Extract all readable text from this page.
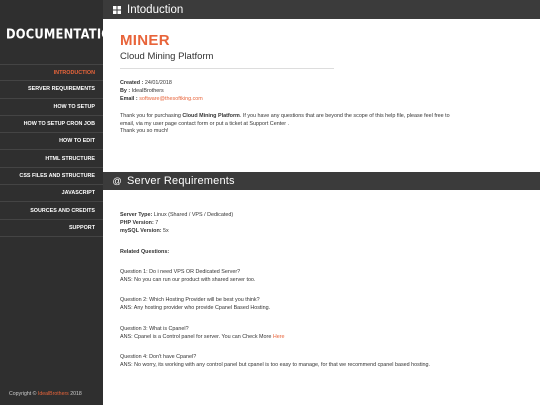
DOCUMENTATION
INTRODUCTION
SERVER REQUIREMENTS
HOW TO SETUP
HOW TO SETUP CRON JOB
HOW TO EDIT
HTML STRUCTURE
CSS FILES AND STRUCTURE
JAVASCRIPT
SOURCES AND CREDITS
SUPPORT
Copyright © IdealBrothers 2018
Intoduction
MINER
Cloud Mining Platform
Created : 24/01/2018
By : IdealBrothers
Email : software@thesoftking.com
Thank you for purchasing Cloud Mining Platform. If you have any questions that are beyond the scope of this help file, please feel free to
email, via my user page contact form or put a ticket at Support Center .
Thank you so much!
@ Server Requirements
Server Type: Linux (Shared / VPS / Dedicated)
PHP Version: 7
mySQL Version: 5x
Related Questions:
Question 1: Do i need VPS OR Dedicated Server?
ANS: No you can run our product with shared server too.
Question 2: Which Hosting Provider will be best you think?
ANS: Any hosting provider who provide Cpanel Based Hosting.
Question 3: What is Cpanel?
ANS: Cpanel is a Control panel for server. You can Check More Here
Question 4: Don't have Cpanel?
ANS: No worry, its working with any control panel but cpanel is too easy to manage, for that we recommend cpanel based hosting.
